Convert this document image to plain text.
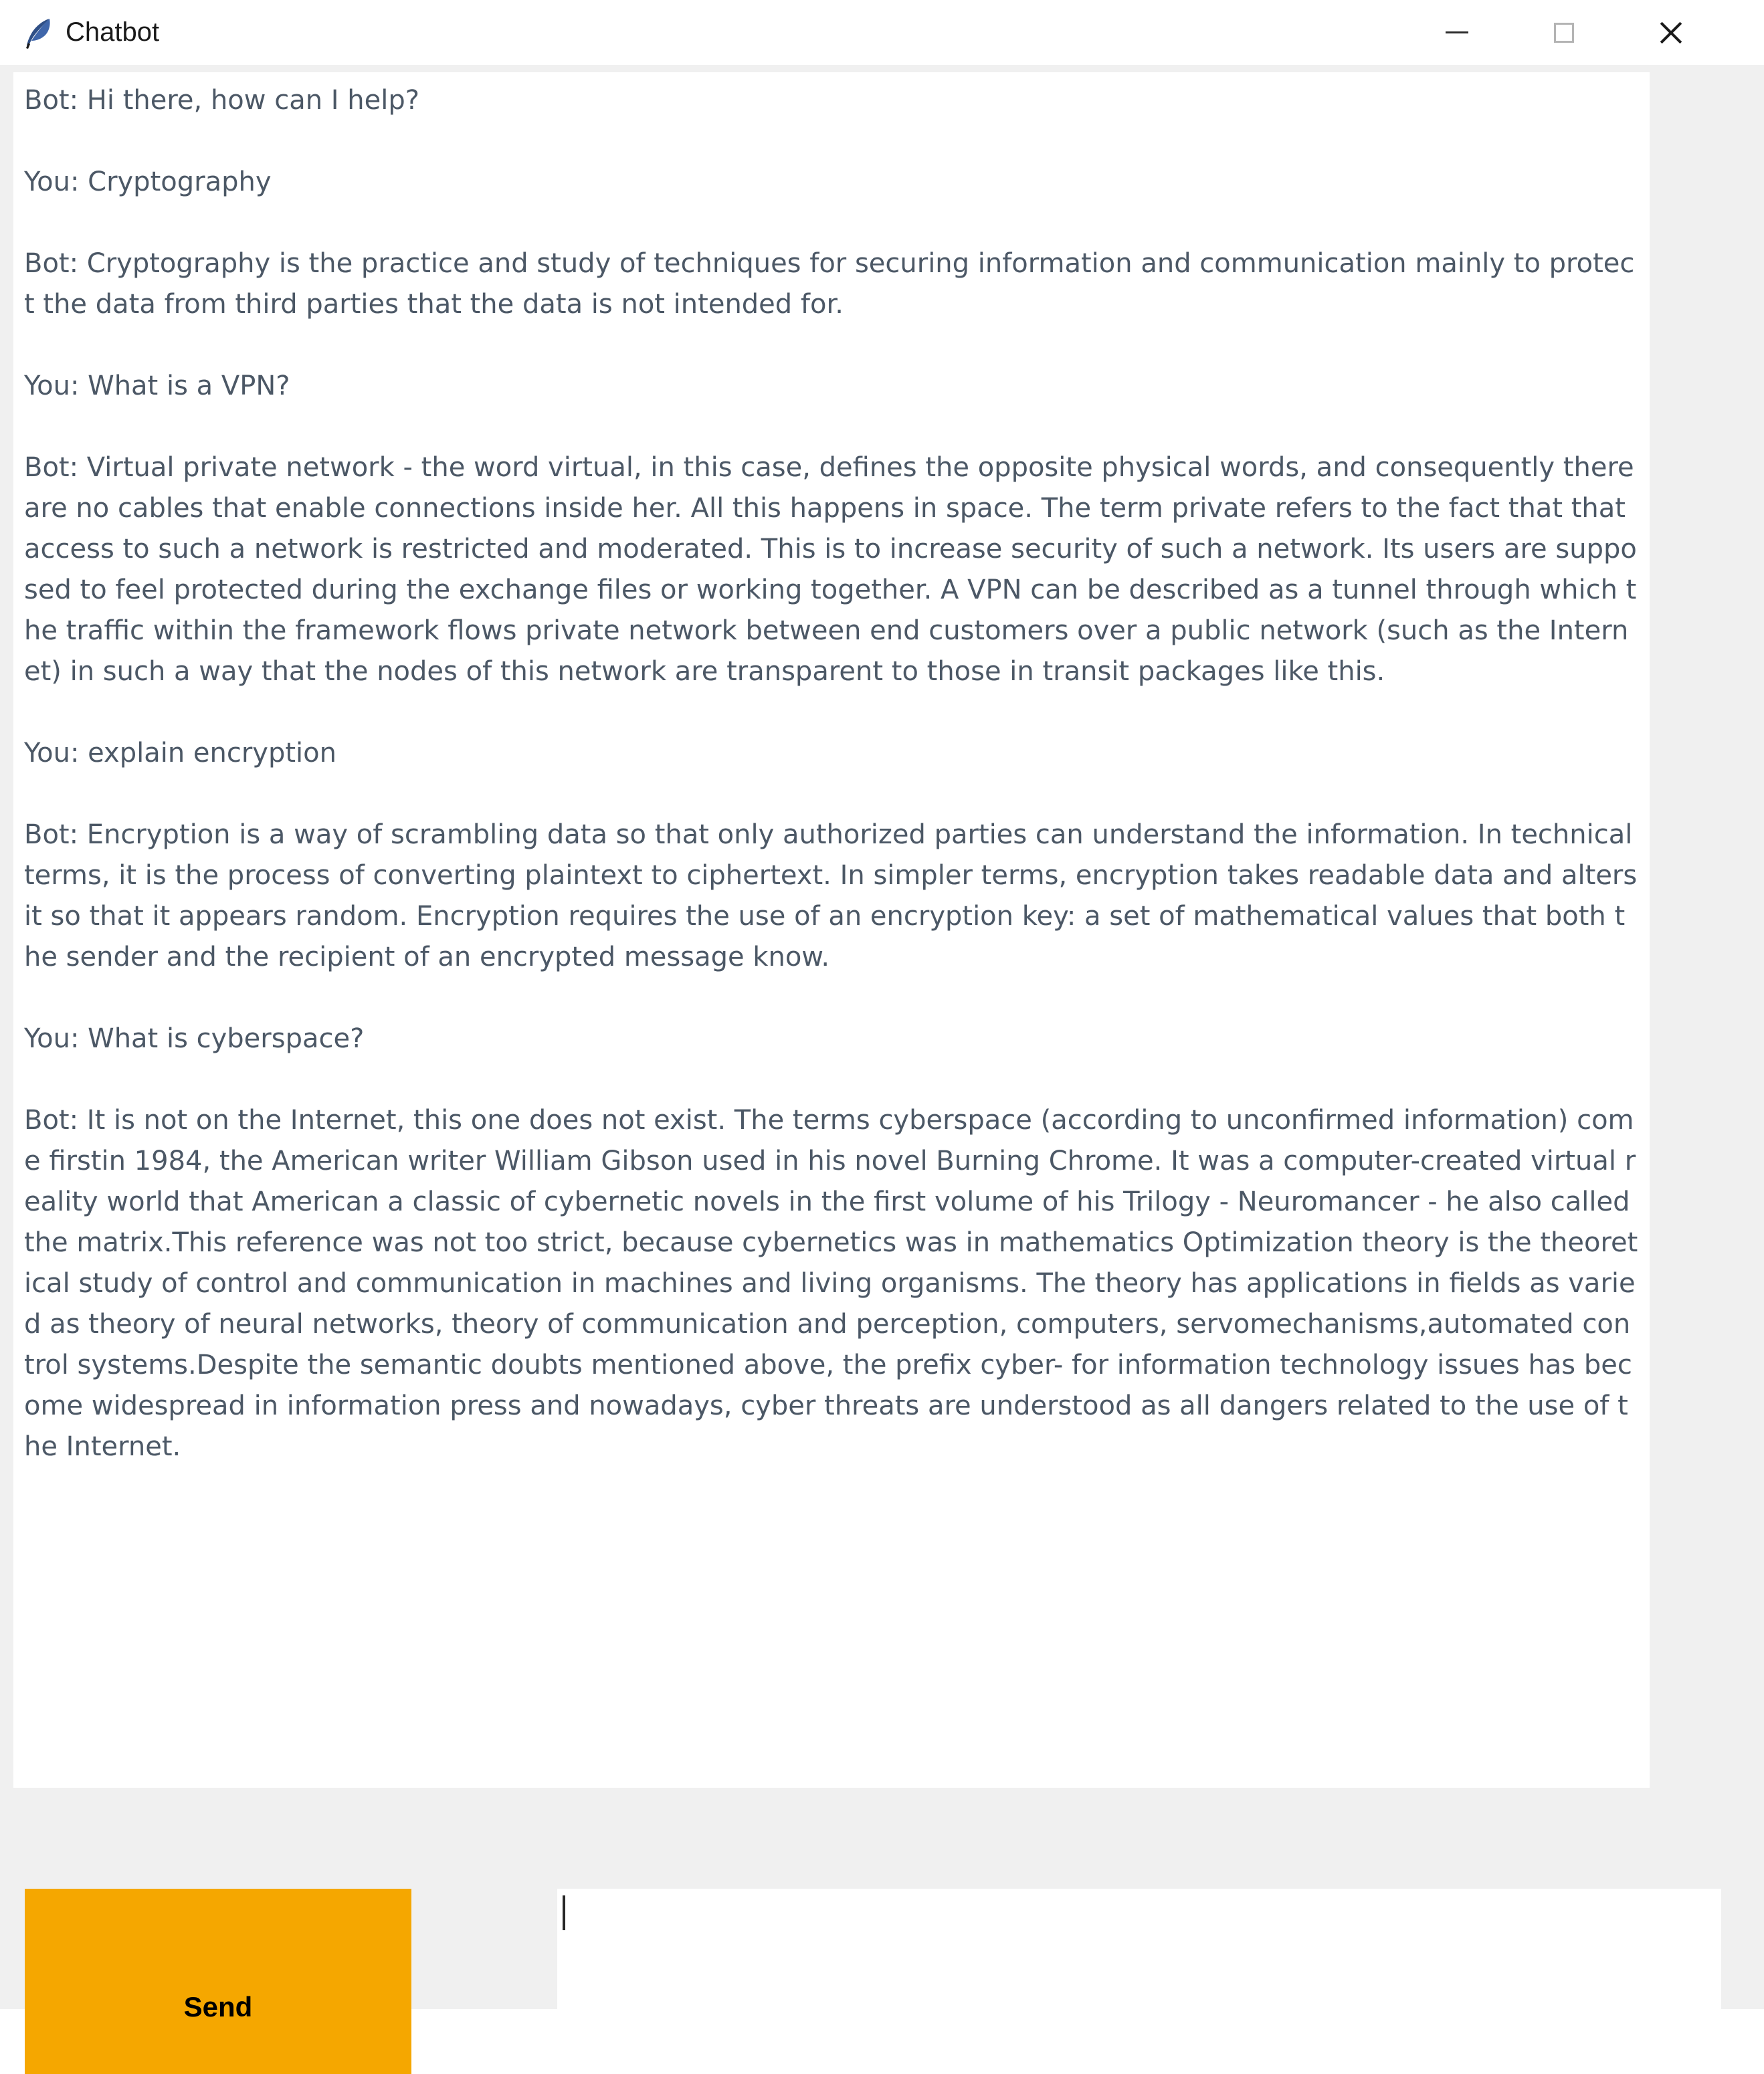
Chatbot
Bot: Hi there, how can I help?
You: Cryptography
Bot: Cryptography is the practice and study of techniques for securing information and communication mainly to protect the data from third parties that the data is not intended for.
You: What is a VPN?
Bot: Virtual private network - the word virtual, in this case, defines the opposite physical words, and consequently there are no cables that enable connections inside her. All this happens in space. The term private refers to the fact that that access to such a network is restricted and moderated. This is to increase security of such a network. Its users are supposed to feel protected during the exchange files or working together. A VPN can be described as a tunnel through which the traffic within the framework flows private network between end customers over a public network (such as the Internet) in such a way that the nodes of this network are transparent to those in transit packages like this.
You: explain encryption
Bot: Encryption is a way of scrambling data so that only authorized parties can understand the information. In technical terms, it is the process of converting plaintext to ciphertext. In simpler terms, encryption takes readable data and alters it so that it appears random. Encryption requires the use of an encryption key: a set of mathematical values that both the sender and the recipient of an encrypted message know.
You: What is cyberspace?
Bot: It is not on the Internet, this one does not exist. The terms cyberspace (according to unconfirmed information) come firstin 1984, the American writer William Gibson used in his novel Burning Chrome. It was a computer-created virtual reality world that American a classic of cybernetic novels in the first volume of his Trilogy - Neuromancer - he also called the matrix.This reference was not too strict, because cybernetics was in mathematics Optimization theory is the theoretical study of control and communication in machines and living organisms. The theory has applications in fields as varied as theory of neural networks, theory of communication and perception, computers, servomechanisms,automated control systems.Despite the semantic doubts mentioned above, the prefix cyber- for information technology issues has become widespread in information press and nowadays, cyber threats are understood as all dangers related to the use of the Internet.
Send
